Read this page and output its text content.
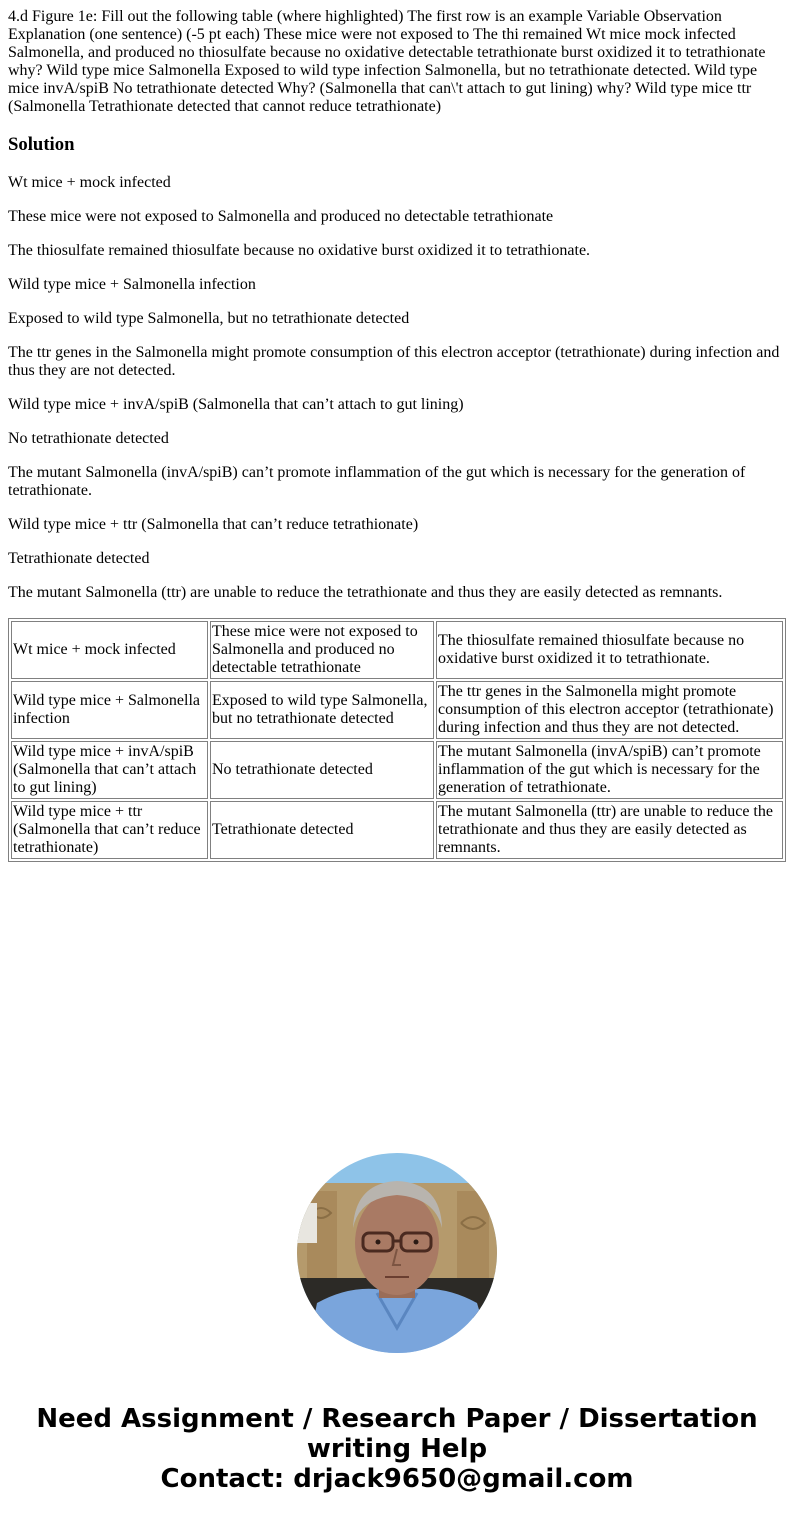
4.d Figure 1e: Fill out the following table (where highlighted) The first row is an example Variable Observation Explanation (one sentence) (-5 pt each) These mice were not exposed to The thi remained Wt mice mock infected Salmonella, and produced no thiosulfate because no oxidative detectable tetrathionate burst oxidized it to tetrathionate why? Wild type mice Salmonella Exposed to wild type infection Salmonella, but no tetrathionate detected. Wild type mice invA/spiB No tetrathionate detected Why? (Salmonella that can\'t attach to gut lining) why? Wild type mice ttr (Salmonella Tetrathionate detected that cannot reduce tetrathionate)
Solution

Wt mice + mock infected

These mice were not exposed to Salmonella and produced no detectable tetrathionate

The thiosulfate remained thiosulfate because no oxidative burst oxidized it to tetrathionate.

Wild type mice + Salmonella infection

Exposed to wild type Salmonella, but no tetrathionate detected

The ttr genes in the Salmonella might promote consumption of this electron acceptor (tetrathionate) during infection and thus they are not detected.

Wild type mice + invA/spiB (Salmonella that can’t attach to gut lining)

No tetrathionate detected

The mutant Salmonella (invA/spiB) can’t promote inflammation of the gut which is necessary for the generation of tetrathionate.

Wild type mice + ttr (Salmonella that can’t reduce tetrathionate)

Tetrathionate detected

The mutant Salmonella (ttr) are unable to reduce the tetrathionate and thus they are easily detected as remnants.

Wt mice + mock infected	These mice were not exposed to Salmonella and produced no detectable tetrathionate	The thiosulfate remained thiosulfate because no oxidative burst oxidized it to tetrathionate.
Wild type mice + Salmonella infection	Exposed to wild type Salmonella, but no tetrathionate detected	The ttr genes in the Salmonella might promote consumption of this electron acceptor (tetrathionate) during infection and thus they are not detected.
Wild type mice + invA/spiB (Salmonella that can’t attach to gut lining)	No tetrathionate detected	The mutant Salmonella (invA/spiB) can’t promote inflammation of the gut which is necessary for the generation of tetrathionate.
Wild type mice + ttr (Salmonella that can’t reduce tetrathionate)	Tetrathionate detected	The mutant Salmonella (ttr) are unable to reduce the tetrathionate and thus they are easily detected as remnants.
Need Assignment / Research Paper / Dissertation
writing Help
Contact: drjack9650@gmail.com
